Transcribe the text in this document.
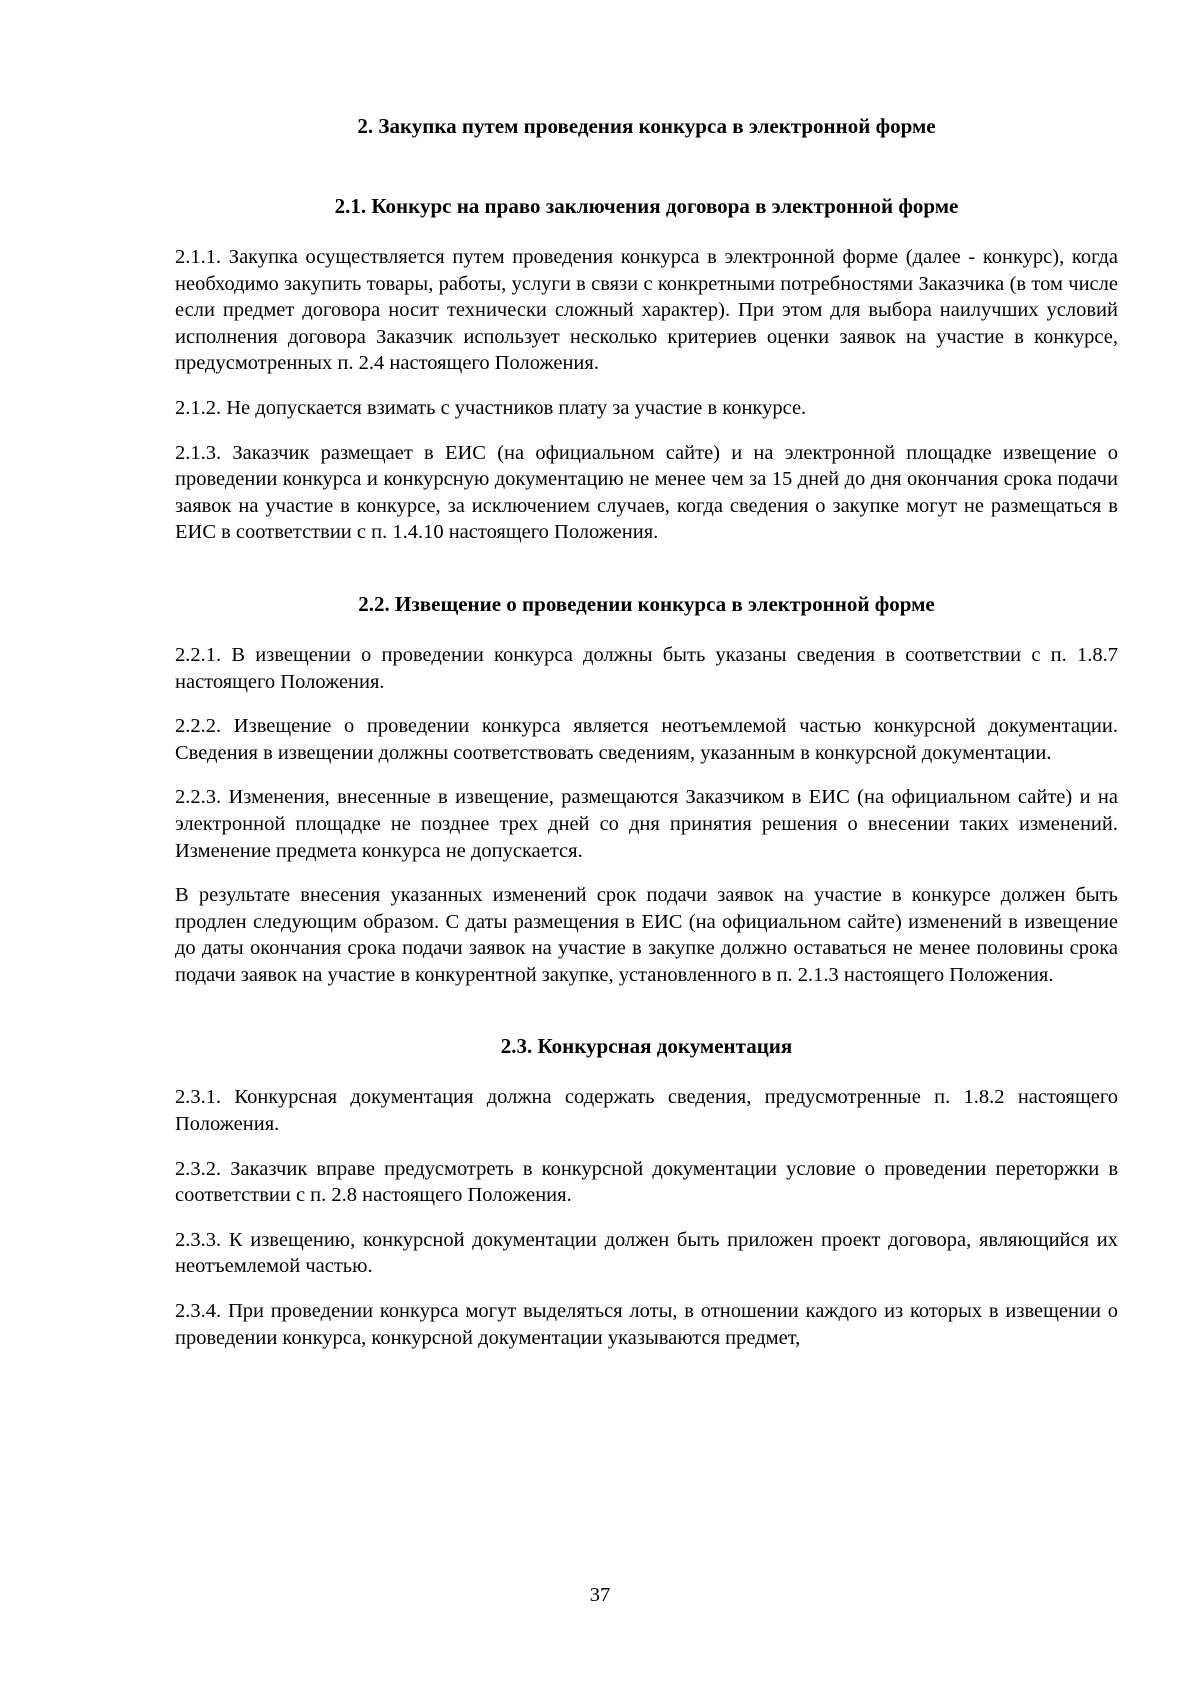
2. Закупка путем проведения конкурса в электронной форме
2.1. Конкурс на право заключения договора в электронной форме

2.1.1. Закупка осуществляется путем проведения конкурса в электронной форме (далее - конкурс), когда необходимо закупить товары, работы, услуги в связи с конкретными потребностями Заказчика (в том числе если предмет договора носит технически сложный характер). При этом для выбора наилучших условий исполнения договора Заказчик использует несколько критериев оценки заявок на участие в конкурсе, предусмотренных п. 2.4 настоящего Положения.

2.1.2. Не допускается взимать с участников плату за участие в конкурсе.

2.1.3. Заказчик размещает в ЕИС (на официальном сайте) и на электронной площадке извещение о проведении конкурса и конкурсную документацию не менее чем за 15 дней до дня окончания срока подачи заявок на участие в конкурсе, за исключением случаев, когда сведения о закупке могут не размещаться в ЕИС в соответствии с п. 1.4.10 настоящего Положения.

2.2. Извещение о проведении конкурса в электронной форме

2.2.1. В извещении о проведении конкурса должны быть указаны сведения в соответствии с п. 1.8.7 настоящего Положения.

2.2.2. Извещение о проведении конкурса является неотъемлемой частью конкурсной документации. Сведения в извещении должны соответствовать сведениям, указанным в конкурсной документации.

2.2.3. Изменения, внесенные в извещение, размещаются Заказчиком в ЕИС (на официальном сайте) и на электронной площадке не позднее трех дней со дня принятия решения о внесении таких изменений. Изменение предмета конкурса не допускается.

В результате внесения указанных изменений срок подачи заявок на участие в конкурсе должен быть продлен следующим образом. С даты размещения в ЕИС (на официальном сайте) изменений в извещение до даты окончания срока подачи заявок на участие в закупке должно оставаться не менее половины срока подачи заявок на участие в конкурентной закупке, установленного в п. 2.1.3 настоящего Положения.

2.3. Конкурсная документация

2.3.1. Конкурсная документация должна содержать сведения, предусмотренные п. 1.8.2 настоящего Положения.

2.3.2. Заказчик вправе предусмотреть в конкурсной документации условие о проведении переторжки в соответствии с п. 2.8 настоящего Положения.

2.3.3. К извещению, конкурсной документации должен быть приложен проект договора, являющийся их неотъемлемой частью.

2.3.4. При проведении конкурса могут выделяться лоты, в отношении каждого из которых в извещении о проведении конкурса, конкурсной документации указываются предмет,

37
